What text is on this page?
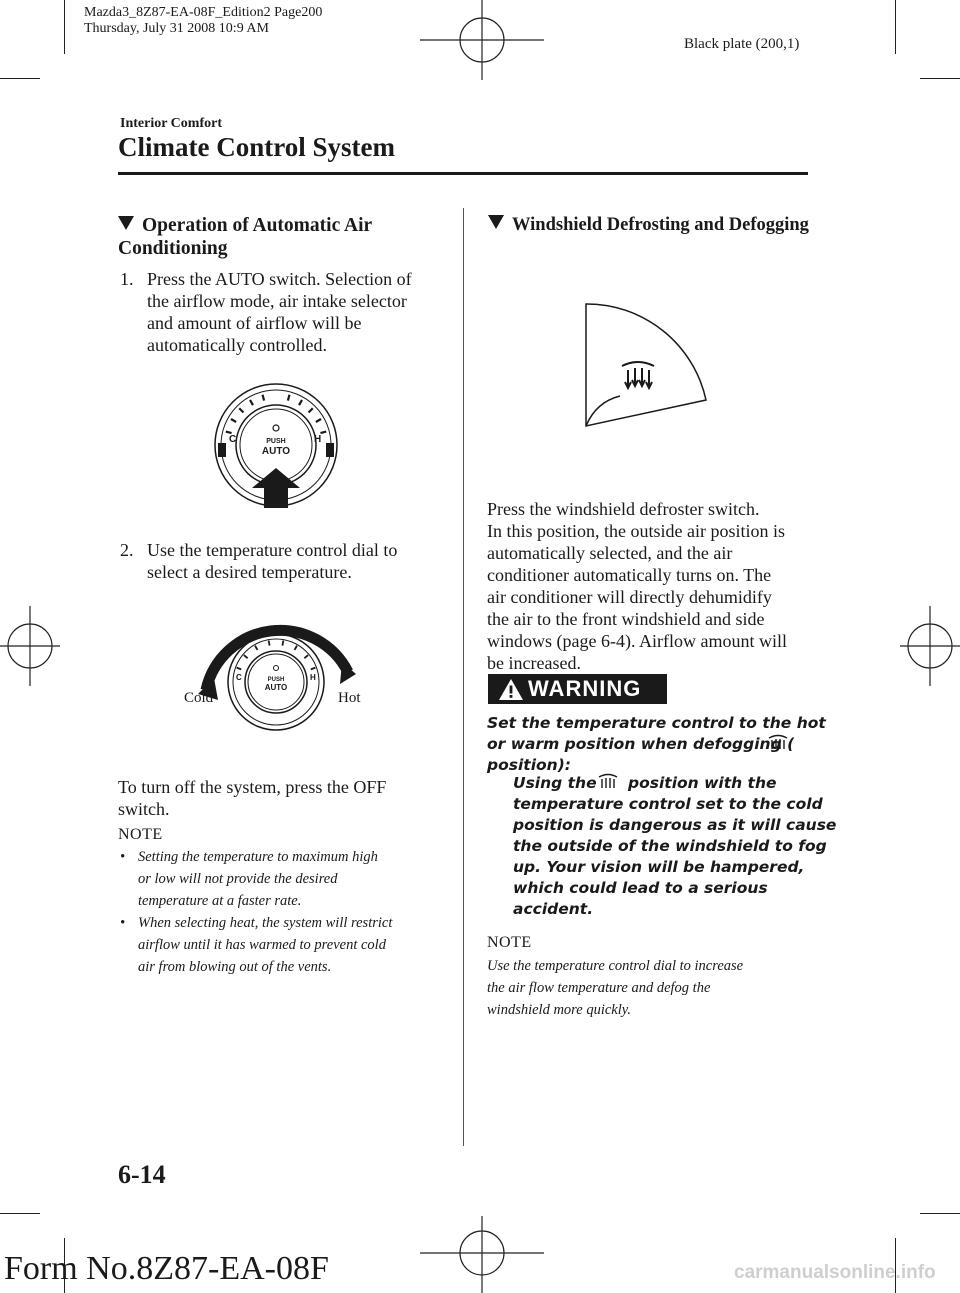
Mazda3_8Z87-EA-08F_Edition2 Page200
Thursday, July 31 2008 10:9 AM
Black plate (200,1)
Interior Comfort
Climate Control System
Operation of Automatic Air Conditioning
1. Press the AUTO switch. Selection of
the airflow mode, air intake selector
and amount of airflow will be
automatically controlled.
PUSH
AUTO
C	H
2. Use the temperature control dial to
select a desired temperature.
PUSH
AUTO
C	H
Cold	Hot
To turn off the system, press the OFF
switch.
NOTE
• Setting the temperature to maximum high
or low will not provide the desired
temperature at a faster rate.
• When selecting heat, the system will restrict
airflow until it has warmed to prevent cold
air from blowing out of the vents.
Windshield Defrosting and Defogging
Press the windshield defroster switch.
In this position, the outside air position is
automatically selected, and the air
conditioner automatically turns on. The
air conditioner will directly dehumidify
the air to the front windshield and side
windows (page 6-4). Airflow amount will
be increased.
WARNING
Set the temperature control to the hot
or warm position when defogging (
position):
Using the position with the
temperature control set to the cold
position is dangerous as it will cause
the outside of the windshield to fog
up. Your vision will be hampered,
which could lead to a serious
accident.
NOTE
Use the temperature control dial to increase
the air flow temperature and defog the
windshield more quickly.
6-14
Form No.8Z87-EA-08F	carmanualsonline.info
